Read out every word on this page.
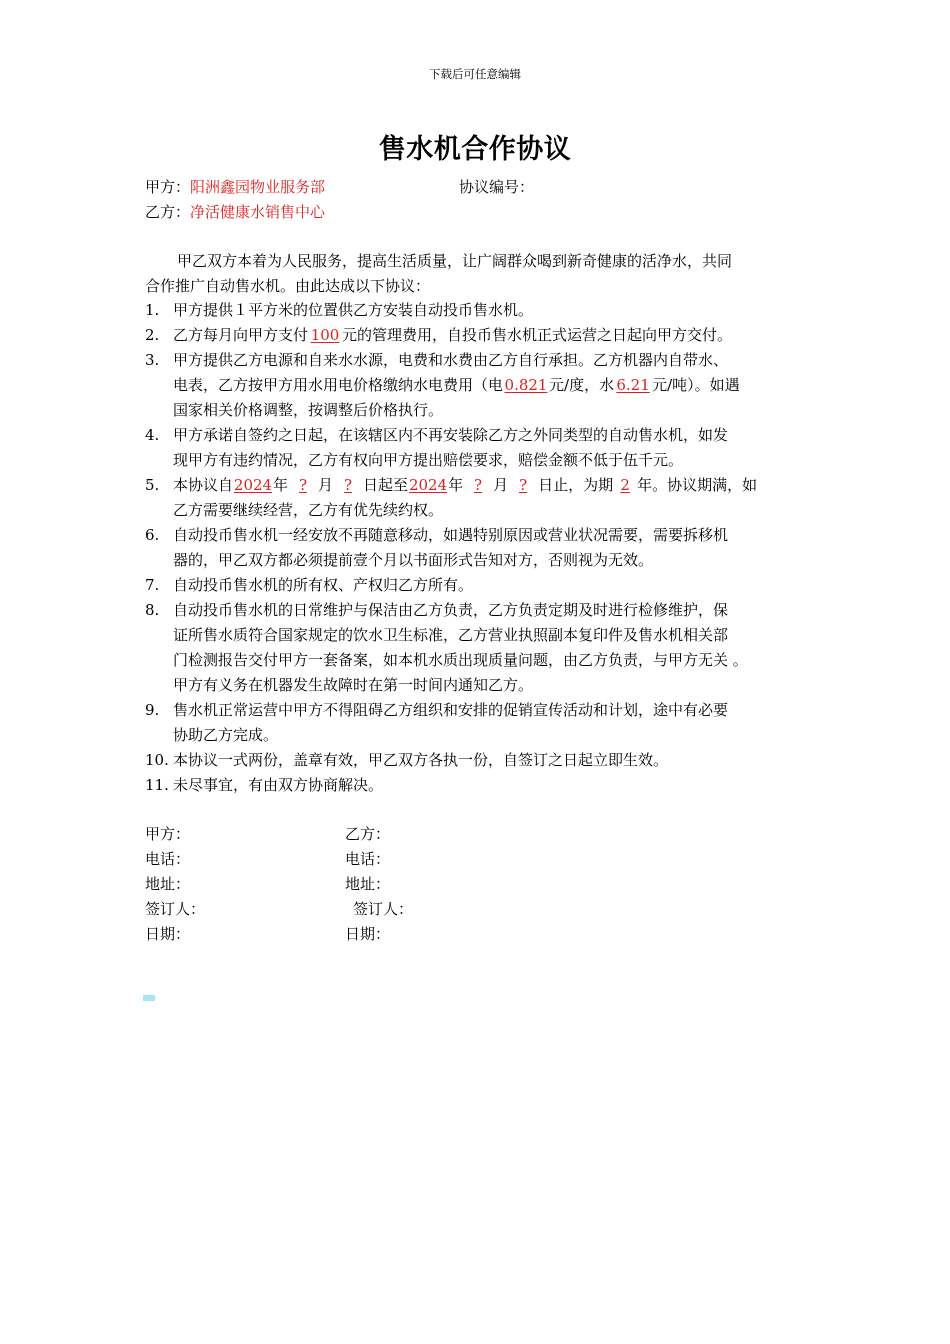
下载后可任意编辑
售水机合作协议
甲方：阳洲鑫园物业服务部	协议编号：
乙方：净活健康水销售中心

甲乙双方本着为人民服务，提高生活质量，让广阔群众喝到新奇健康的活净水，共同

合作推广自动售水机。由此达成以下协议：

1. 甲方提供１平方米的位置供乙方安装自动投币售水机。
2. 乙方每月向甲方支付 100 元的管理费用，自投币售水机正式运营之日起向甲方交付。
3. 甲方提供乙方电源和自来水水源，电费和水费由乙方自行承担。乙方机器内自带水、
电表，乙方按甲方用水用电价格缴纳水电费用（电 0.821 元/度，水 6.21 元/吨）。如遇
国家相关价格调整，按调整后价格执行。
4. 甲方承诺自签约之日起，在该辖区内不再安装除乙方之外同类型的自动售水机，如发
现甲方有违约情况，乙方有权向甲方提出赔偿要求，赔偿金额不低于伍千元。
5. 本协议自2024年 ? 月 ? 日起至2024年 ? 月 ? 日止，为期 2 年。协议期满，如
乙方需要继续经营，乙方有优先续约权。
6. 自动投币售水机一经安放不再随意移动，如遇特别原因或营业状况需要，需要拆移机
器的，甲乙双方都必须提前壹个月以书面形式告知对方，否则视为无效。
7. 自动投币售水机的所有权、产权归乙方所有。
8. 自动投币售水机的日常维护与保洁由乙方负责，乙方负责定期及时进行检修维护，保
证所售水质符合国家规定的饮水卫生标准，乙方营业执照副本复印件及售水机相关部
门检测报告交付甲方一套备案，如本机水质出现质量问题，由乙方负责，与甲方无关 。
甲方有义务在机器发生故障时在第一时间内通知乙方。
9. 售水机正常运营中甲方不得阻碍乙方组织和安排的促销宣传活动和计划，途中有必要
协助乙方完成。
10. 本协议一式两份，盖章有效，甲乙双方各执一份，自签订之日起立即生效。
11. 未尽事宜，有由双方协商解决。
甲方：	乙方：
电话：	电话：
地址：	地址：
签订人：	签订人：
日期：	日期：
